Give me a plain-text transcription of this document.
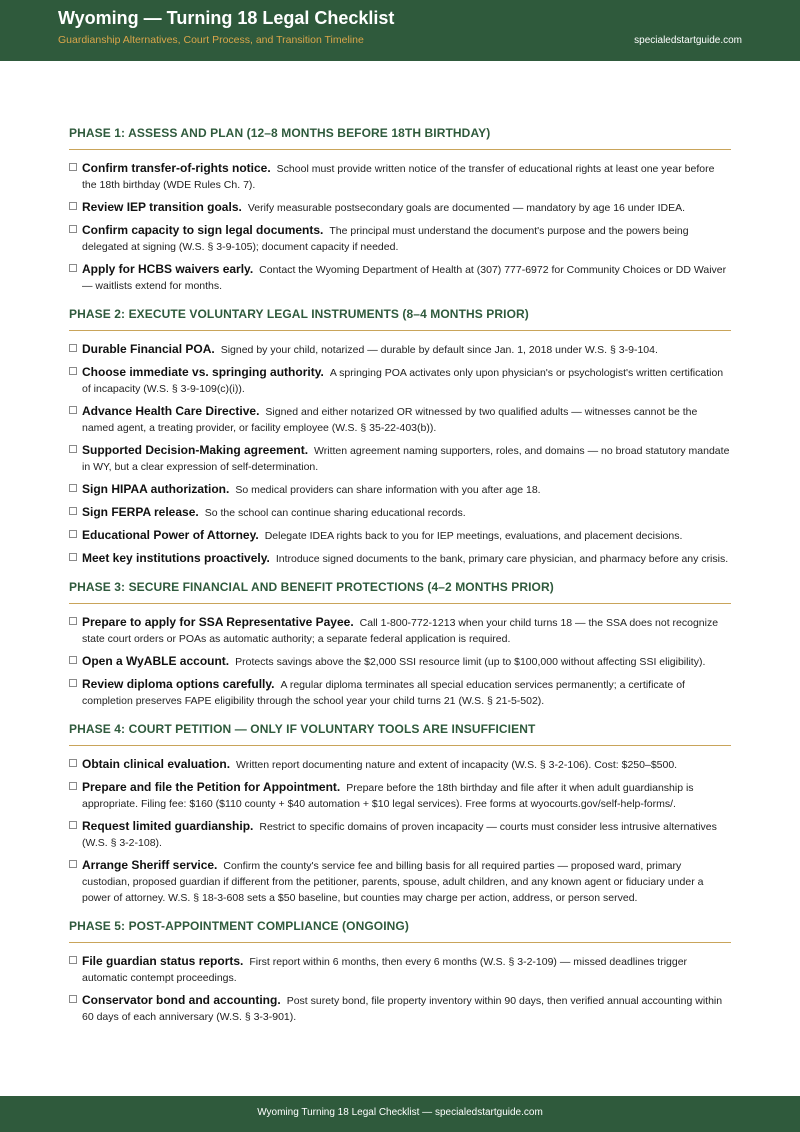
Wyoming — Turning 18 Legal Checklist
Guardianship Alternatives, Court Process, and Transition Timeline	specialedstartguide.com
PHASE 1: ASSESS AND PLAN (12–8 MONTHS BEFORE 18TH BIRTHDAY)
Confirm transfer-of-rights notice. School must provide written notice of the transfer of educational rights at least one year before the 18th birthday (WDE Rules Ch. 7).
Review IEP transition goals. Verify measurable postsecondary goals are documented — mandatory by age 16 under IDEA.
Confirm capacity to sign legal documents. The principal must understand the document's purpose and the powers being delegated at signing (W.S. § 3-9-105); document capacity if needed.
Apply for HCBS waivers early. Contact the Wyoming Department of Health at (307) 777-6972 for Community Choices or DD Waiver — waitlists extend for months.
PHASE 2: EXECUTE VOLUNTARY LEGAL INSTRUMENTS (8–4 MONTHS PRIOR)
Durable Financial POA. Signed by your child, notarized — durable by default since Jan. 1, 2018 under W.S. § 3-9-104.
Choose immediate vs. springing authority. A springing POA activates only upon physician's or psychologist's written certification of incapacity (W.S. § 3-9-109(c)(i)).
Advance Health Care Directive. Signed and either notarized OR witnessed by two qualified adults — witnesses cannot be the named agent, a treating provider, or facility employee (W.S. § 35-22-403(b)).
Supported Decision-Making agreement. Written agreement naming supporters, roles, and domains — no broad statutory mandate in WY, but a clear expression of self-determination.
Sign HIPAA authorization. So medical providers can share information with you after age 18.
Sign FERPA release. So the school can continue sharing educational records.
Educational Power of Attorney. Delegate IDEA rights back to you for IEP meetings, evaluations, and placement decisions.
Meet key institutions proactively. Introduce signed documents to the bank, primary care physician, and pharmacy before any crisis.
PHASE 3: SECURE FINANCIAL AND BENEFIT PROTECTIONS (4–2 MONTHS PRIOR)
Prepare to apply for SSA Representative Payee. Call 1-800-772-1213 when your child turns 18 — the SSA does not recognize state court orders or POAs as automatic authority; a separate federal application is required.
Open a WyABLE account. Protects savings above the $2,000 SSI resource limit (up to $100,000 without affecting SSI eligibility).
Review diploma options carefully. A regular diploma terminates all special education services permanently; a certificate of completion preserves FAPE eligibility through the school year your child turns 21 (W.S. § 21-5-502).
PHASE 4: COURT PETITION — ONLY IF VOLUNTARY TOOLS ARE INSUFFICIENT
Obtain clinical evaluation. Written report documenting nature and extent of incapacity (W.S. § 3-2-106). Cost: $250–$500.
Prepare and file the Petition for Appointment. Prepare before the 18th birthday and file after it when adult guardianship is appropriate. Filing fee: $160 ($110 county + $40 automation + $10 legal services). Free forms at wyocourts.gov/self-help-forms/.
Request limited guardianship. Restrict to specific domains of proven incapacity — courts must consider less intrusive alternatives (W.S. § 3-2-108).
Arrange Sheriff service. Confirm the county's service fee and billing basis for all required parties — proposed ward, primary custodian, proposed guardian if different from the petitioner, parents, spouse, adult children, and any known agent or fiduciary under a power of attorney. W.S. § 18-3-608 sets a $50 baseline, but counties may charge per action, address, or person served.
PHASE 5: POST-APPOINTMENT COMPLIANCE (ONGOING)
File guardian status reports. First report within 6 months, then every 6 months (W.S. § 3-2-109) — missed deadlines trigger automatic contempt proceedings.
Conservator bond and accounting. Post surety bond, file property inventory within 90 days, then verified annual accounting within 60 days of each anniversary (W.S. § 3-3-901).
Wyoming Turning 18 Legal Checklist — specialedstartguide.com
